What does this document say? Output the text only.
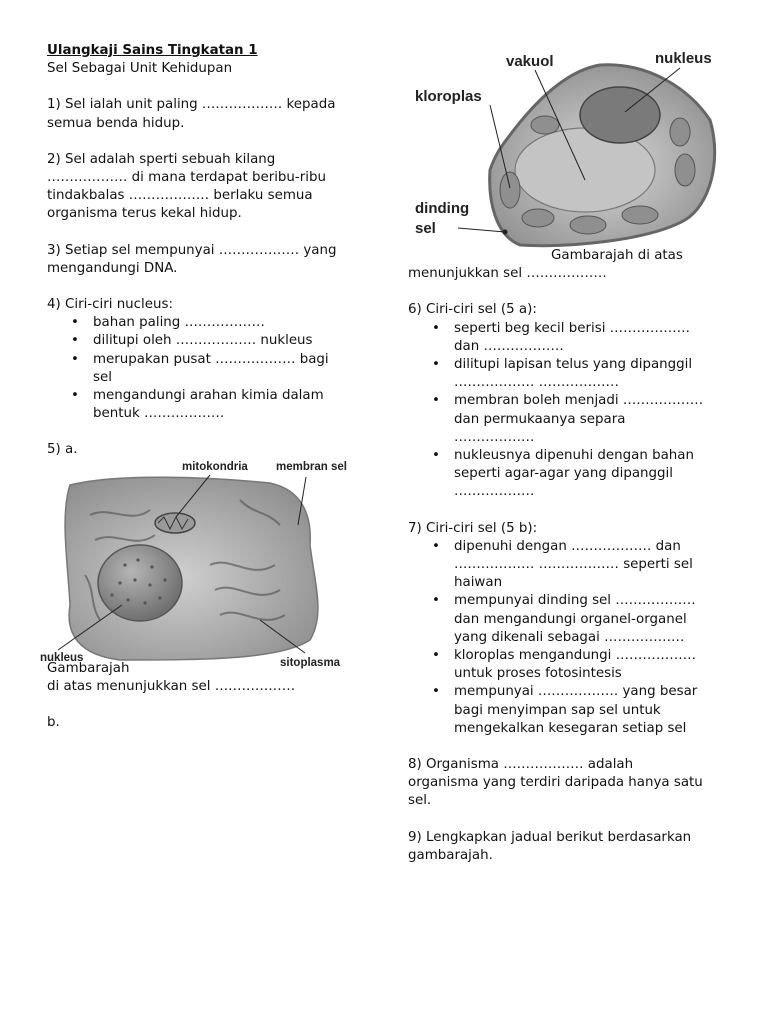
Ulangkaji Sains Tingkatan 1

Sel Sebagai Unit Kehidupan

1) Sel ialah unit paling ……………… kepada

semua benda hidup.

2) Sel adalah sperti sebuah kilang

……………… di mana terdapat beribu-ribu

tindakbalas ……………… berlaku semua

organisma terus kekal hidup.

3) Setiap sel mempunyai ……………… yang

mengandungi DNA.

4) Ciri-ciri nucleus:

• bahan paling ………………
• dilitupi oleh ……………… nukleus
• merupakan pusat ……………… bagi
sel
• mengandungi arahan kimia dalam
bentuk ………………

5) a.

mitokondria membran sel
nukleus	sitoplasma

Gambarajah

di atas menunjukkan sel ………………

b.

vakuol	nukleus
kloroplas
dinding
sel

Gambarajah di atas

menunjukkan sel ………………

6) Ciri-ciri sel (5 a):

• seperti beg kecil berisi ………………
dan ………………
• dilitupi lapisan telus yang dipanggil
……………… ………………
• membran boleh menjadi ………………
dan permukaanya separa
………………
• nukleusnya dipenuhi dengan bahan
seperti agar-agar yang dipanggil
………………

7) Ciri-ciri sel (5 b):

• dipenuhi dengan ……………… dan
……………… ……………… seperti sel
haiwan
• mempunyai dinding sel ………………
dan mengandungi organel-organel
yang dikenali sebagai ………………
• kloroplas mengandungi ………………
untuk proses fotosintesis
• mempunyai ……………… yang besar
bagi menyimpan sap sel untuk
mengekalkan kesegaran setiap sel

8) Organisma ……………… adalah

organisma yang terdiri daripada hanya satu

sel.

9) Lengkapkan jadual berikut berdasarkan

gambarajah.
